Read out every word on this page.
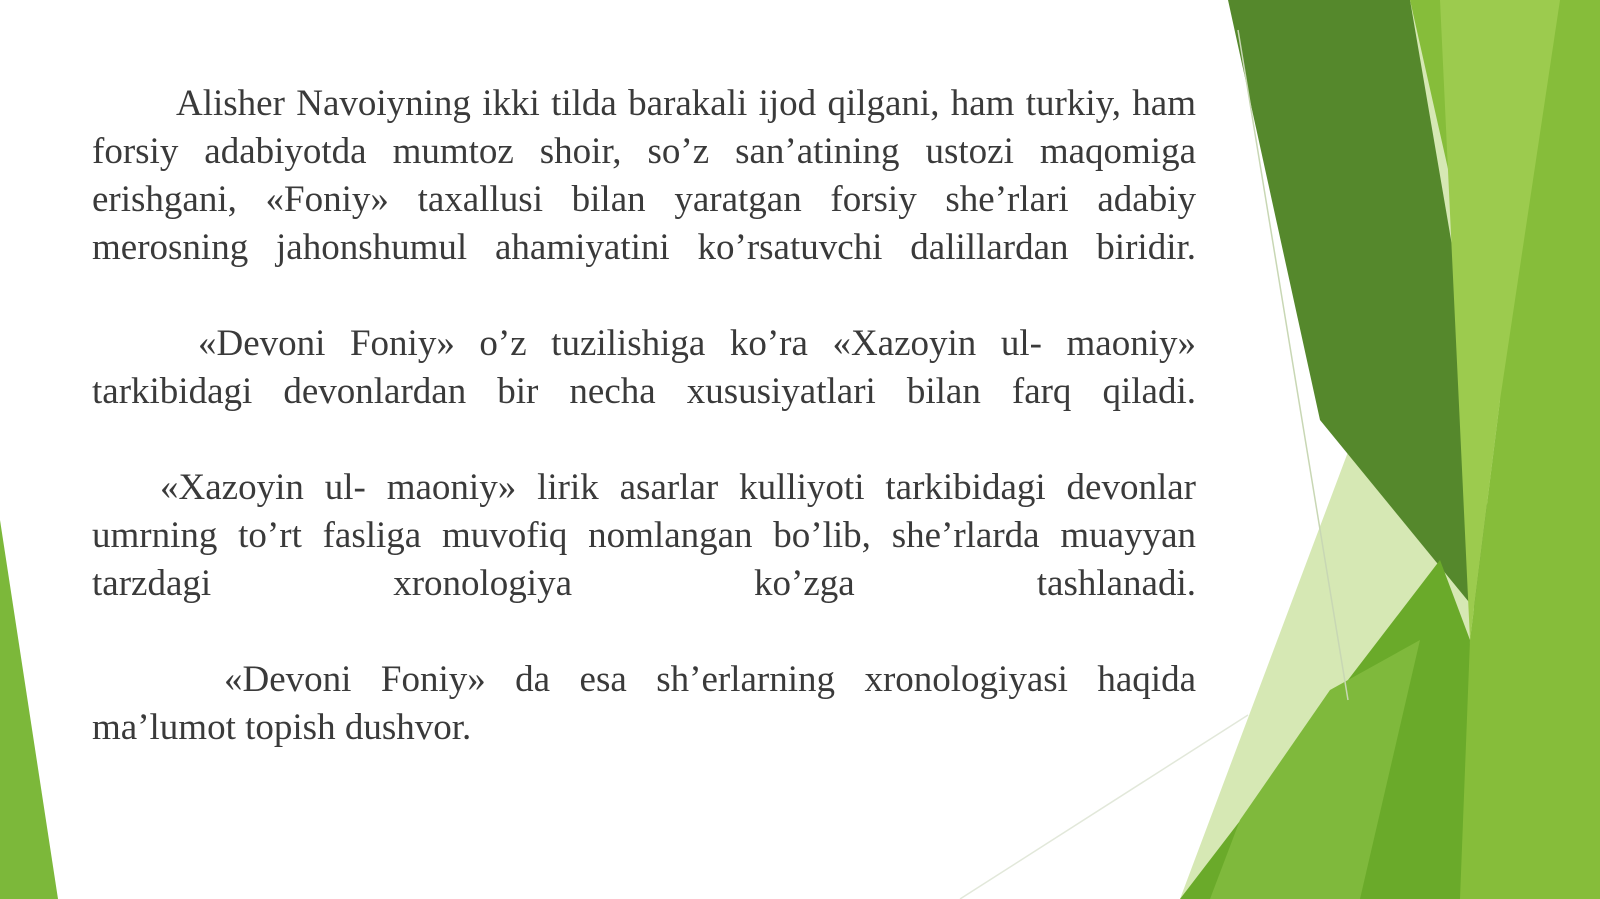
Alisher Navoiyning ikki tilda barakali ijod qilgani, ham turkiy, ham forsiy adabiyotda mumtoz shoir, so’z san’atining ustozi maqomiga erishgani, «Foniy» taxallusi bilan yaratgan forsiy she’rlari adabiy merosning jahonshumul ahamiyatini ko’rsatuvchi dalillardan biridir.

«Devoni Foniy» o’z tuzilishiga ko’ra «Xazoyin ul- maoniy» tarkibidagi devonlardan bir necha xususiyatlari bilan farq qiladi.

«Xazoyin ul- maoniy» lirik asarlar kulliyoti tarkibidagi devonlar umrning to’rt fasliga muvofiq nomlangan bo’lib, she’rlarda muayyan tarzdagi xronologiya ko’zga tashlanadi.

«Devoni Foniy» da esa sh’erlarning xronologiyasi haqida ma’lumot topish dushvor.
